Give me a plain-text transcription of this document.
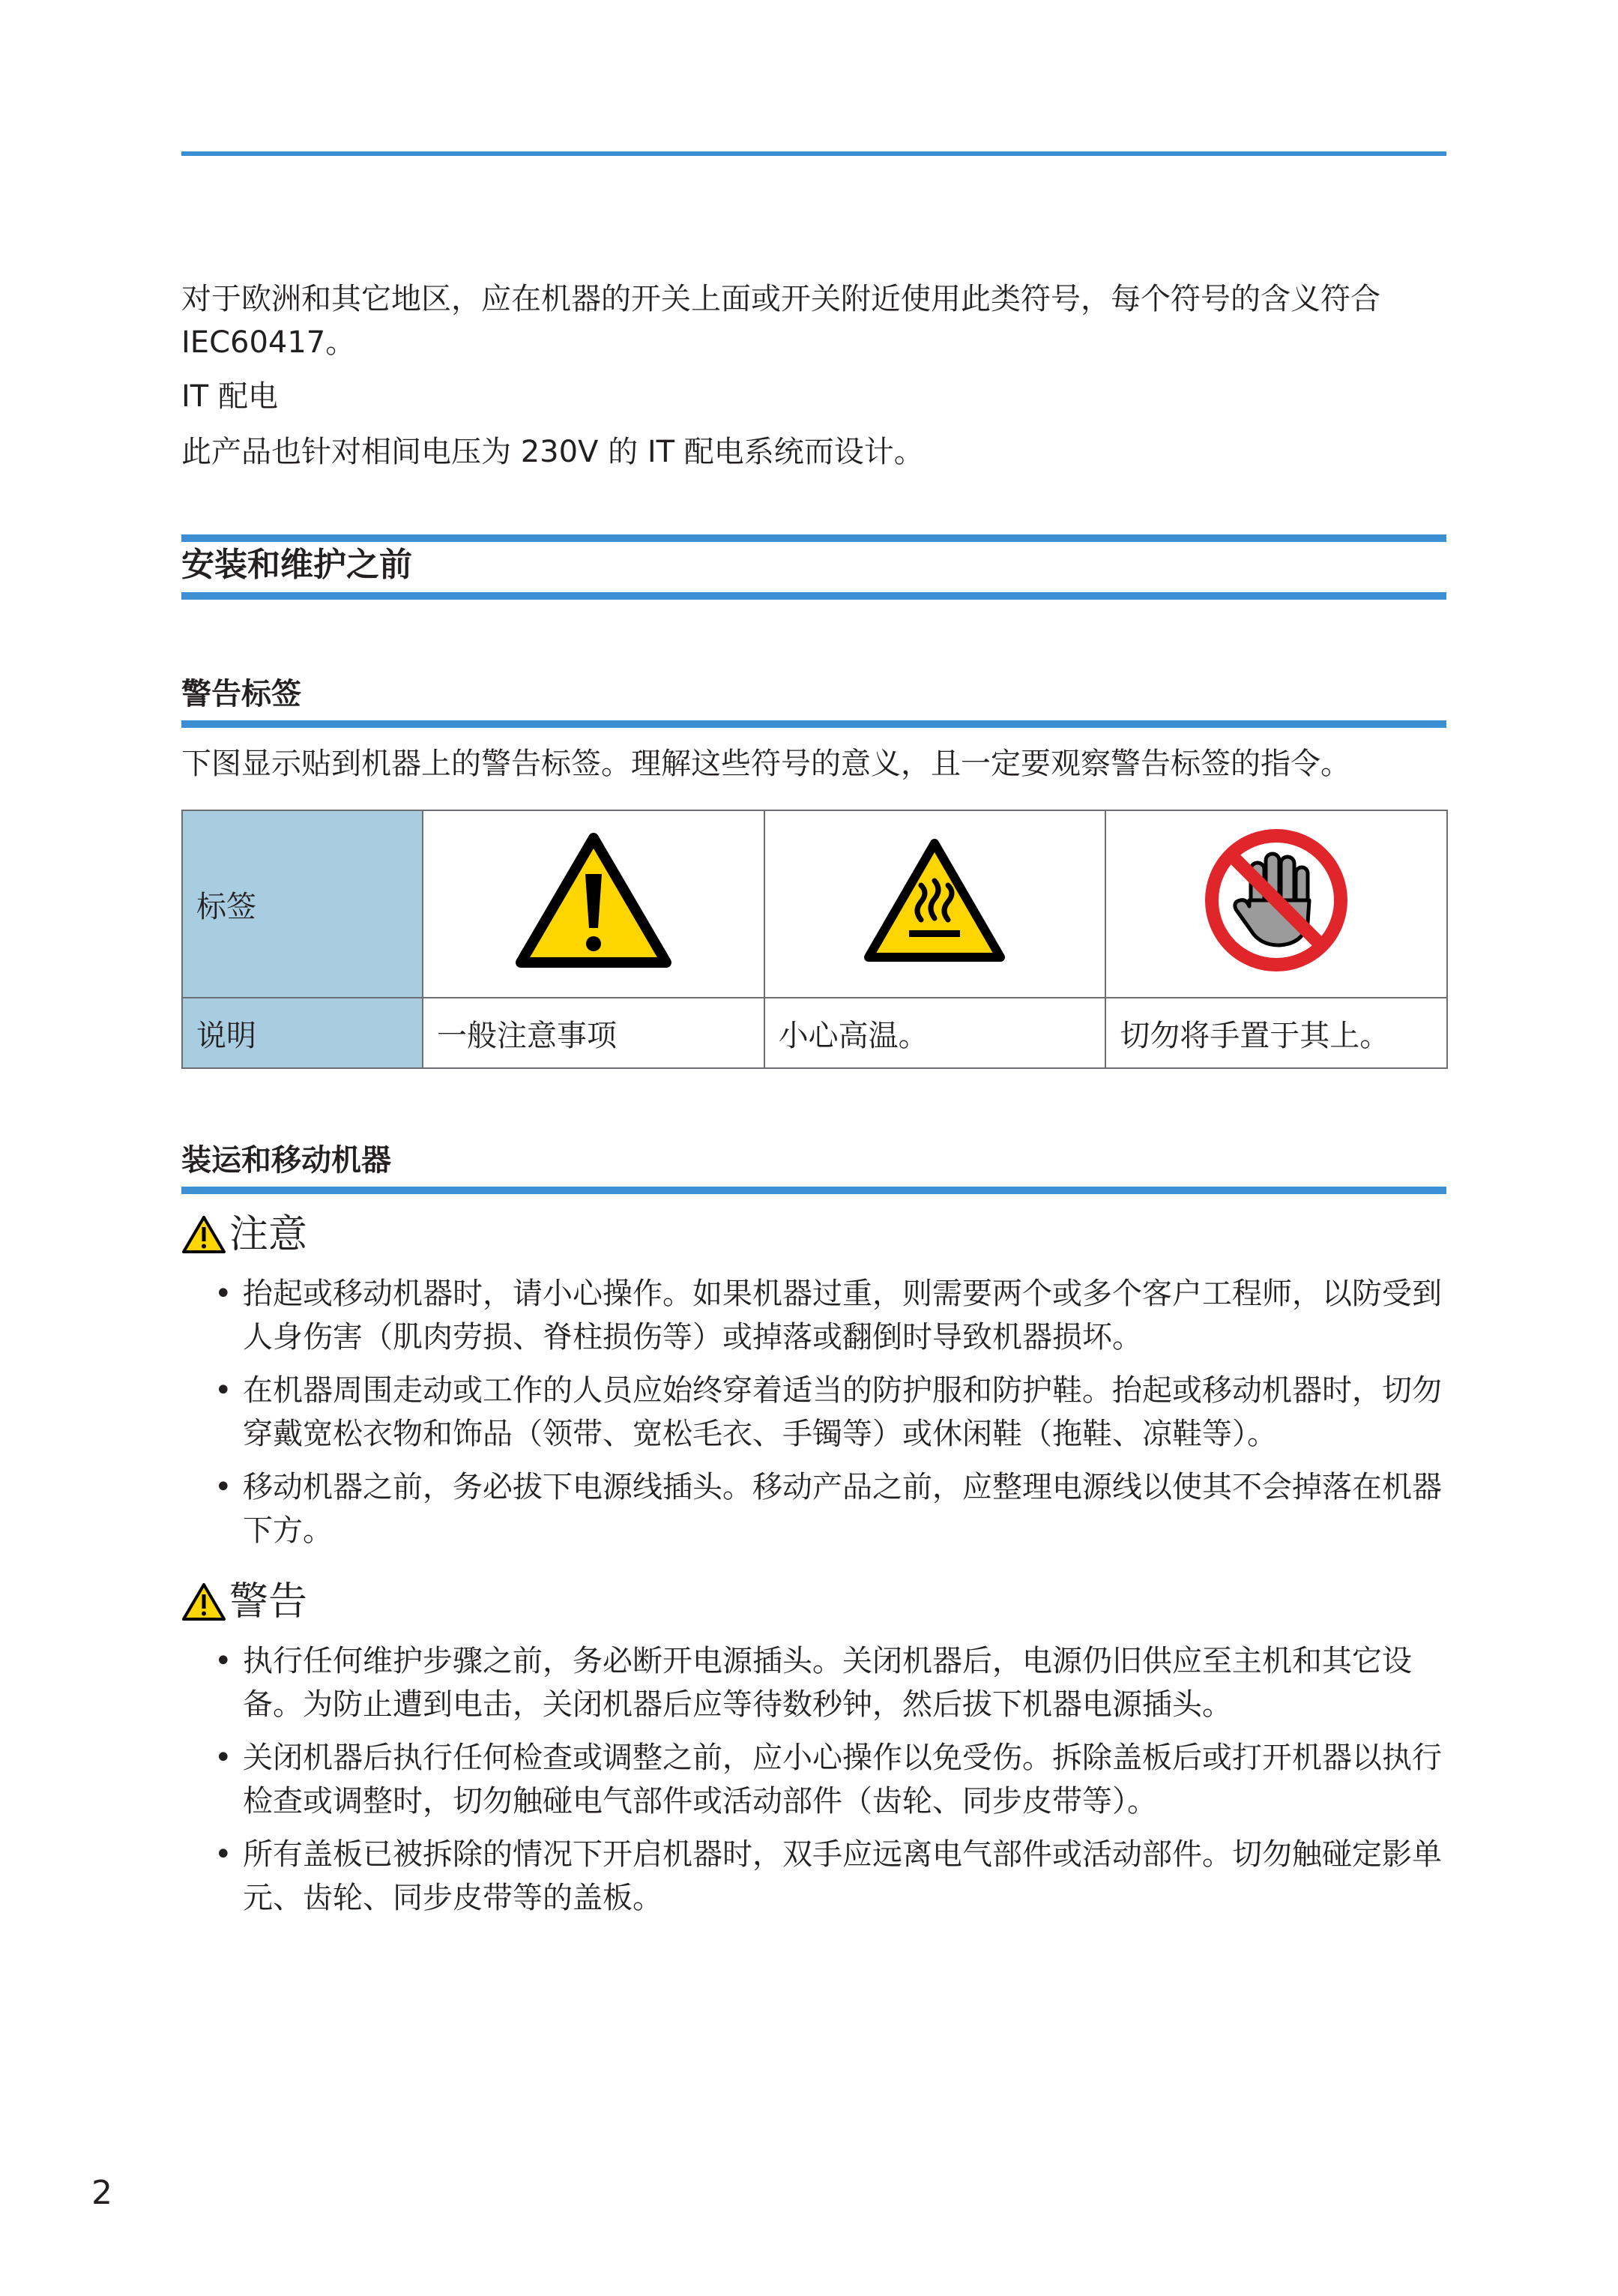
对于欧洲和其它地区，应在机器的开关上面或开关附近使用此类符号，每个符号的含义符合IEC60417。

IT 配电

此产品也针对相间电压为 230V 的 IT 配电系统而设计。

安装和维护之前
警告标签

下图显示贴到机器上的警告标签。理解这些符号的意义，且一定要观察警告标签的指令。

标签			
说明	一般注意事项	小心高温。	切勿将手置于其上。
装运和移动机器
注意
• 抬起或移动机器时，请小心操作。如果机器过重，则需要两个或多个客户工程师，以防受到人身伤害（肌肉劳损、脊柱损伤等）或掉落或翻倒时导致机器损坏。
• 在机器周围走动或工作的人员应始终穿着适当的防护服和防护鞋。抬起或移动机器时，切勿穿戴宽松衣物和饰品（领带、宽松毛衣、手镯等）或休闲鞋（拖鞋、凉鞋等）。
• 移动机器之前，务必拔下电源线插头。移动产品之前，应整理电源线以使其不会掉落在机器下方。
警告
• 执行任何维护步骤之前，务必断开电源插头。关闭机器后，电源仍旧供应至主机和其它设备。为防止遭到电击，关闭机器后应等待数秒钟，然后拔下机器电源插头。
• 关闭机器后执行任何检查或调整之前，应小心操作以免受伤。拆除盖板后或打开机器以执行检查或调整时，切勿触碰电气部件或活动部件（齿轮、同步皮带等）。
• 所有盖板已被拆除的情况下开启机器时，双手应远离电气部件或活动部件。切勿触碰定影单元、齿轮、同步皮带等的盖板。
2
